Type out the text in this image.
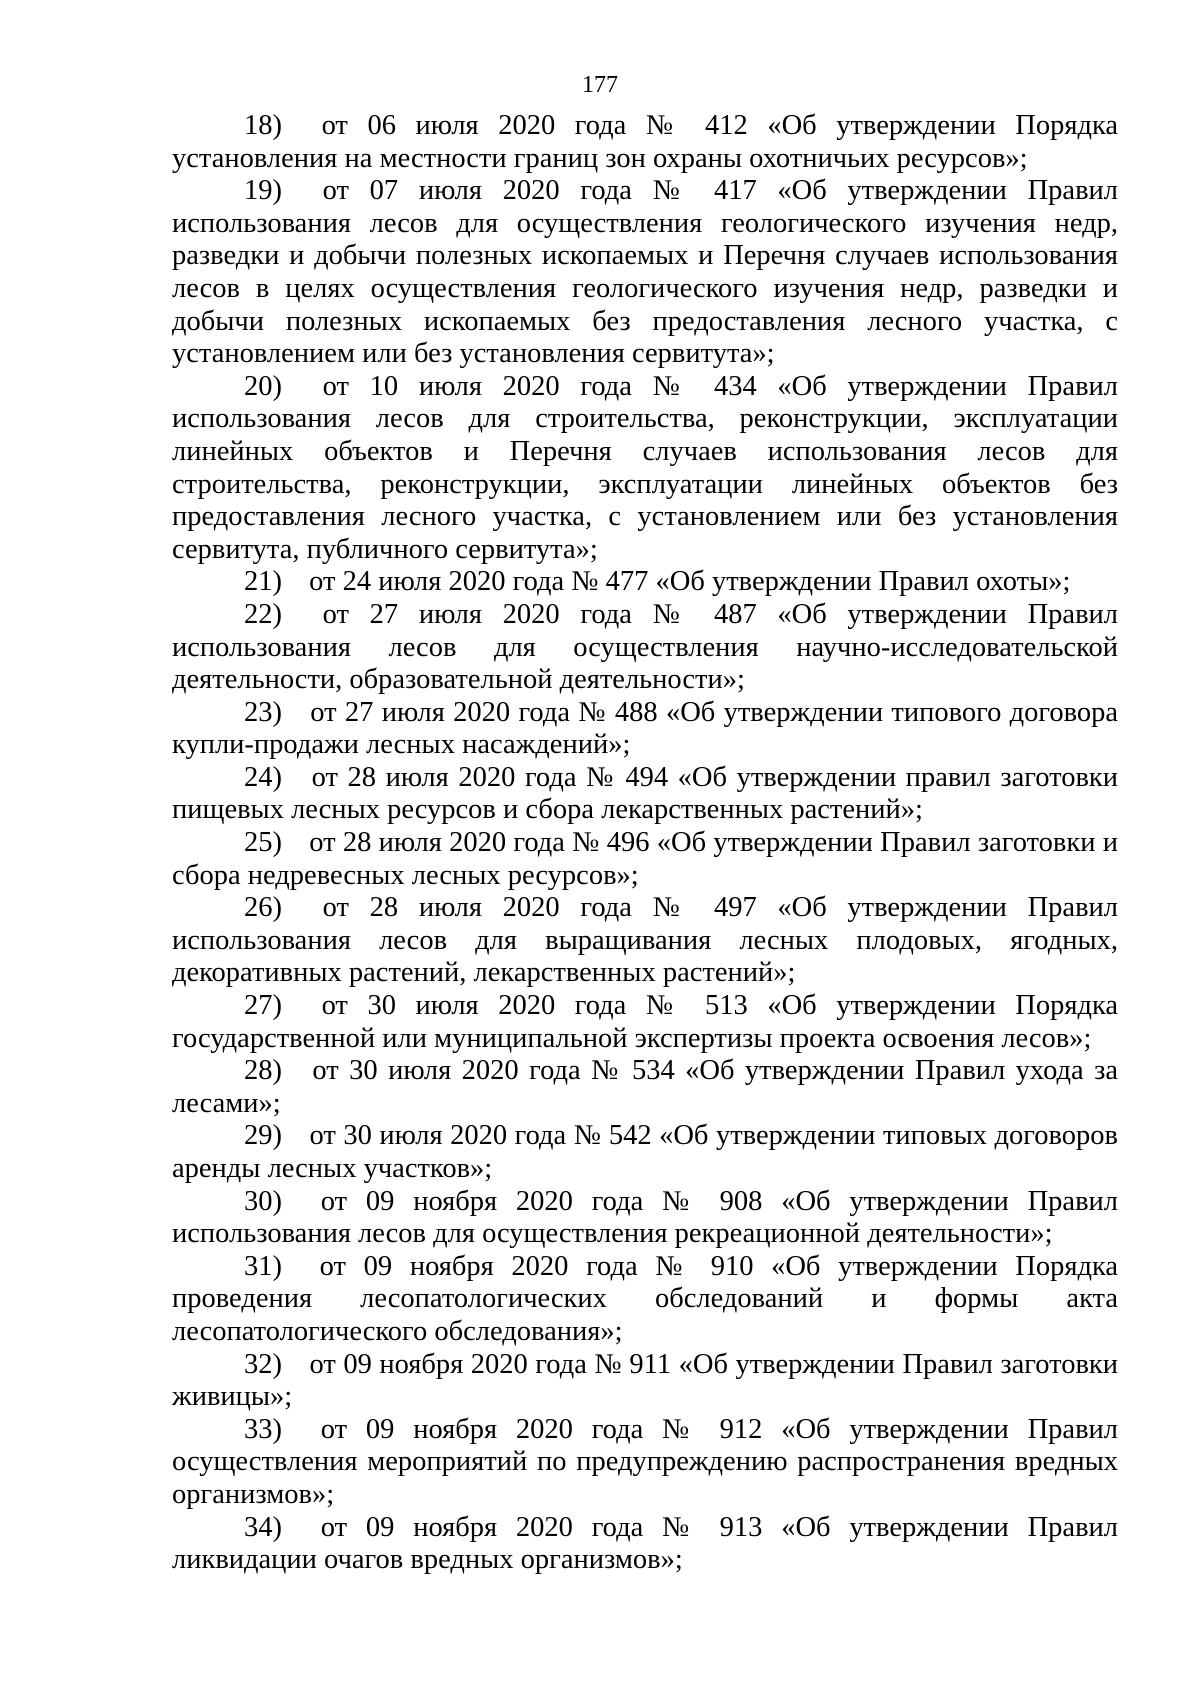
177

18) от 06 июля 2020 года № 412 «Об утверждении Порядка установления на местности границ зон охраны охотничьих ресурсов»;

19) от 07 июля 2020 года № 417 «Об утверждении Правил использования лесов для осуществления геологического изучения недр, разведки и добычи полезных ископаемых и Перечня случаев использования лесов в целях осуществления геологического изучения недр, разведки и добычи полезных ископаемых без предоставления лесного участка, с установлением или без установления сервитута»;

20) от 10 июля 2020 года № 434 «Об утверждении Правил использования лесов для строительства, реконструкции, эксплуатации линейных объектов и Перечня случаев использования лесов для строительства, реконструкции, эксплуатации линейных объектов без предоставления лесного участка, с установлением или без установления сервитута, публичного сервитута»;

21) от 24 июля 2020 года № 477 «Об утверждении Правил охоты»;

22) от 27 июля 2020 года № 487 «Об утверждении Правил использования лесов для осуществления научно-исследовательской деятельности, образовательной деятельности»;

23) от 27 июля 2020 года № 488 «Об утверждении типового договора купли-продажи лесных насаждений»;

24) от 28 июля 2020 года № 494 «Об утверждении правил заготовки пищевых лесных ресурсов и сбора лекарственных растений»;

25) от 28 июля 2020 года № 496 «Об утверждении Правил заготовки и сбора недревесных лесных ресурсов»;

26) от 28 июля 2020 года № 497 «Об утверждении Правил использования лесов для выращивания лесных плодовых, ягодных, декоративных растений, лекарственных растений»;

27) от 30 июля 2020 года № 513 «Об утверждении Порядка государственной или муниципальной экспертизы проекта освоения лесов»;

28) от 30 июля 2020 года № 534 «Об утверждении Правил ухода за лесами»;

29) от 30 июля 2020 года № 542 «Об утверждении типовых договоров аренды лесных участков»;

30) от 09 ноября 2020 года № 908 «Об утверждении Правил использования лесов для осуществления рекреационной деятельности»;

31) от 09 ноября 2020 года № 910 «Об утверждении Порядка проведения лесопатологических обследований и формы акта лесопатологического обследования»;

32) от 09 ноября 2020 года № 911 «Об утверждении Правил заготовки живицы»;

33) от 09 ноября 2020 года № 912 «Об утверждении Правил осуществления мероприятий по предупреждению распространения вредных организмов»;

34) от 09 ноября 2020 года № 913 «Об утверждении Правил ликвидации очагов вредных организмов»;
